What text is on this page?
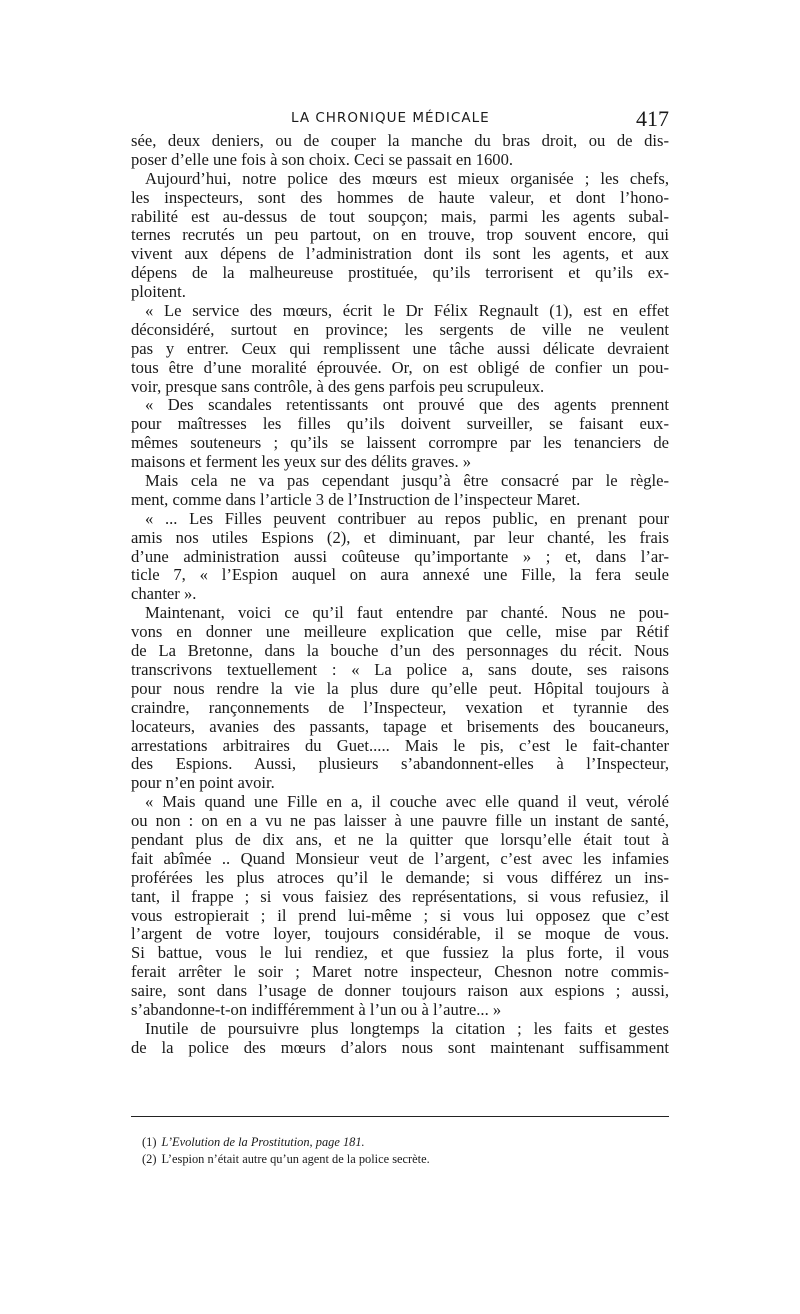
LA CHRONIQUE MÉDICALE	417
sée, deux deniers, ou de couper la manche du bras droit, ou de dis-
poser d’elle une fois à son choix. Ceci se passait en 1600.
Aujourd’hui, notre police des mœurs est mieux organisée ; les chefs,
les inspecteurs, sont des hommes de haute valeur, et dont l’hono-
rabilité est au-dessus de tout soupçon; mais, parmi les agents subal-
ternes recrutés un peu partout, on en trouve, trop souvent encore, qui
vivent aux dépens de l’administration dont ils sont les agents, et aux
dépens de la malheureuse prostituée, qu’ils terrorisent et qu’ils ex-
ploitent.
« Le service des mœurs, écrit le Dr Félix Regnault (1), est en effet
déconsidéré, surtout en province; les sergents de ville ne veulent
pas y entrer. Ceux qui remplissent une tâche aussi délicate devraient
tous être d’une moralité éprouvée. Or, on est obligé de confier un pou-
voir, presque sans contrôle, à des gens parfois peu scrupuleux.
« Des scandales retentissants ont prouvé que des agents prennent
pour maîtresses les filles qu’ils doivent surveiller, se faisant eux-
mêmes souteneurs ; qu’ils se laissent corrompre par les tenanciers de
maisons et ferment les yeux sur des délits graves. »
Mais cela ne va pas cependant jusqu’à être consacré par le règle-
ment, comme dans l’article 3 de l’Instruction de l’inspecteur Maret.
« ... Les Filles peuvent contribuer au repos public, en prenant pour
amis nos utiles Espions (2), et diminuant, par leur chanté, les frais
d’une administration aussi coûteuse qu’importante » ; et, dans l’ar-
ticle 7, « l’Espion auquel on aura annexé une Fille, la fera seule
chanter ».
Maintenant, voici ce qu’il faut entendre par chanté. Nous ne pou-
vons en donner une meilleure explication que celle, mise par Rétif
de La Bretonne, dans la bouche d’un des personnages du récit. Nous
transcrivons textuellement : « La police a, sans doute, ses raisons
pour nous rendre la vie la plus dure qu’elle peut. Hôpital toujours à
craindre, rançonnements de l’Inspecteur, vexation et tyrannie des
locateurs, avanies des passants, tapage et brisements des boucaneurs,
arrestations arbitraires du Guet..... Mais le pis, c’est le fait-chanter
des Espions. Aussi, plusieurs s’abandonnent-elles à l’Inspecteur,
pour n’en point avoir.
« Mais quand une Fille en a, il couche avec elle quand il veut, vérolé
ou non : on en a vu ne pas laisser à une pauvre fille un instant de santé,
pendant plus de dix ans, et ne la quitter que lorsqu’elle était tout à
fait abîmée .. Quand Monsieur veut de l’argent, c’est avec les infamies
proférées les plus atroces qu’il le demande; si vous différez un ins-
tant, il frappe ; si vous faisiez des représentations, si vous refusiez, il
vous estropierait ; il prend lui-même ; si vous lui opposez que c’est
l’argent de votre loyer, toujours considérable, il se moque de vous.
Si battue, vous le lui rendiez, et que fussiez la plus forte, il vous
ferait arrêter le soir ; Maret notre inspecteur, Chesnon notre commis-
saire, sont dans l’usage de donner toujours raison aux espions ; aussi,
s’abandonne-t-on indifféremment à l’un ou à l’autre... »
Inutile de poursuivre plus longtemps la citation ; les faits et gestes
de la police des mœurs d’alors nous sont maintenant suffisamment
(1) L’Evolution de la Prostitution, page 181.
(2) L’espion n’était autre qu’un agent de la police secrète.
